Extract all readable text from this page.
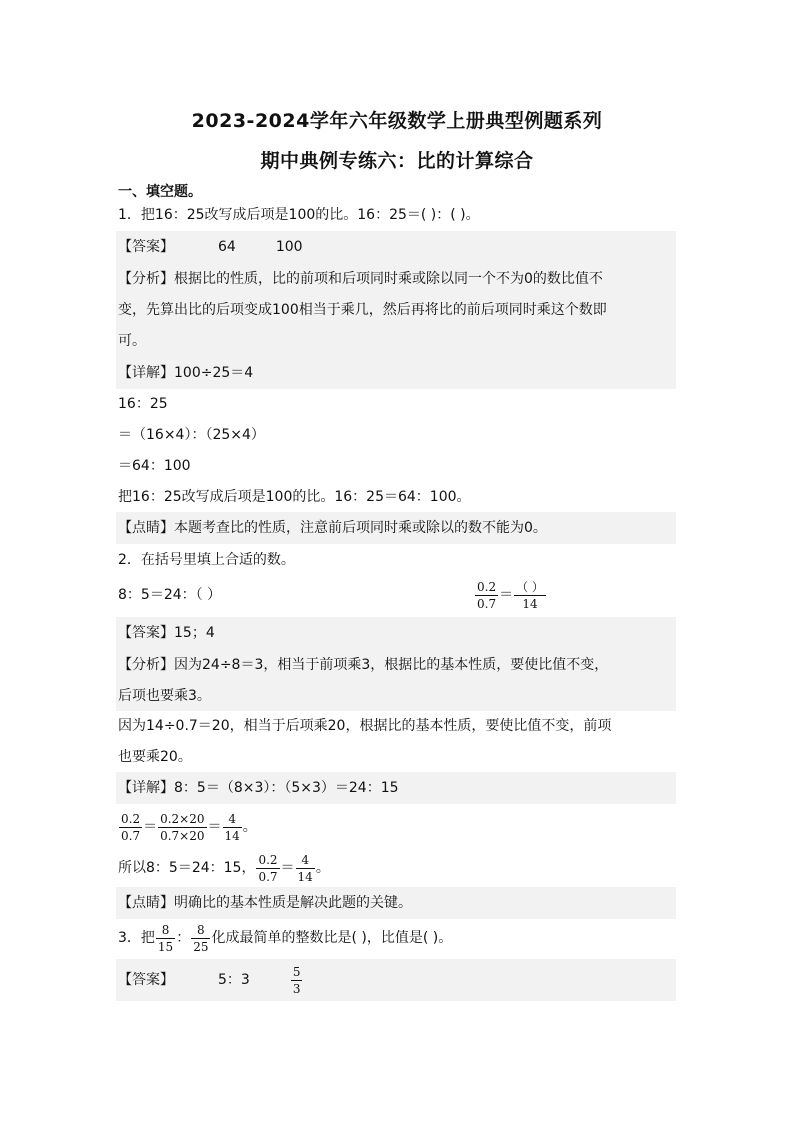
2023-2024学年六年级数学上册典型例题系列
期中典例专练六：比的计算综合
一、填空题。
1．把16：25改写成后项是100的比。16：25＝( )：( )。
【答案】	64	100
【分析】根据比的性质，比的前项和后项同时乘或除以同一个不为0的数比值不
变，先算出比的后项变成100相当于乘几，然后再将比的前后项同时乘这个数即
可。
【详解】100÷25＝4
16：25
＝（16×4）：（25×4）
＝64：100
把16：25改写成后项是100的比。16：25＝64：100。
【点睛】本题考查比的性质，注意前后项同时乘或除以的数不能为0。
2．在括号里填上合适的数。
8：5＝24：（ ）	$\frac{0.2}{0.7} = \frac{( )}{14}$
【答案】15；4
【分析】因为24÷8＝3，相当于前项乘3，根据比的基本性质，要使比值不变，
后项也要乘3。
因为14÷0.7＝20，相当于后项乘20，根据比的基本性质，要使比值不变，前项
也要乘20。
【详解】8：5＝（8×3）：（5×3）＝24：15
$\frac{0.2}{0.7} = \frac{0.2\times 20}{0.7\times 20} = \frac{4}{14}$ 。
所以8：5＝24：15， $\frac{0.2}{0.7} = \frac{4}{14}$ 。
【点睛】明确比的基本性质是解决此题的关键。
3．把 $\frac{8}{15}$ ： $\frac{8}{25}$ 化成最简单的整数比是( )，比值是( )。
【答案】	5：3	$\frac{5}{3}$
